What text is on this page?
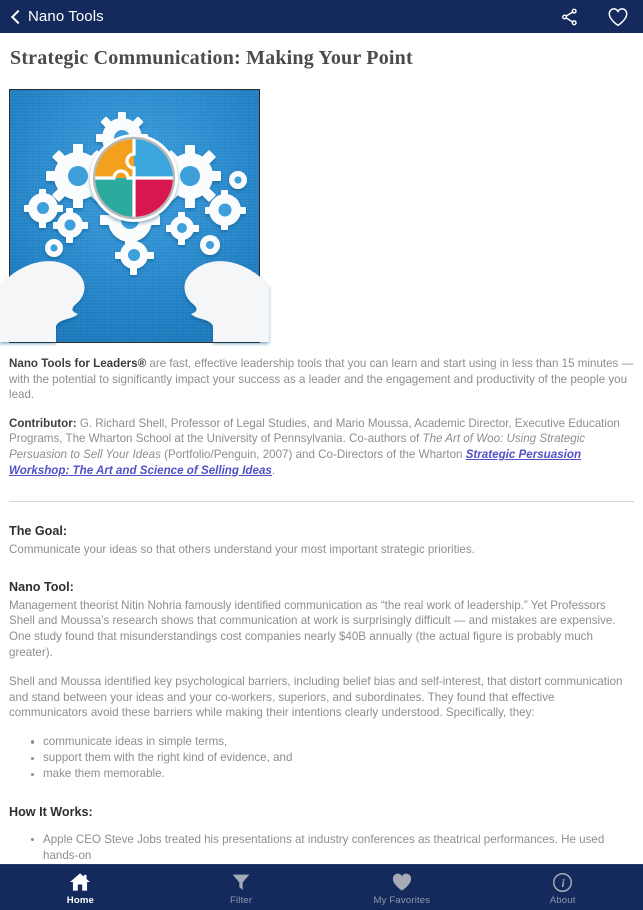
Nano Tools
Strategic Communication: Making Your Point

Nano Tools for Leaders® are fast, effective leadership tools that you can learn and start using in less than 15 minutes — with the potential to significantly impact your success as a leader and the engagement and productivity of the people you lead.

Contributor: G. Richard Shell, Professor of Legal Studies, and Mario Moussa, Academic Director, Executive Education Programs, The Wharton School at the University of Pennsylvania. Co-authors of The Art of Woo: Using Strategic Persuasion to Sell Your Ideas (Portfolio/Penguin, 2007) and Co-Directors of the Wharton Strategic Persuasion Workshop: The Art and Science of Selling Ideas.

The Goal:

Communicate your ideas so that others understand your most important strategic priorities.

Nano Tool:

Management theorist Nitin Nohria famously identified communication as “the real work of leadership.” Yet Professors Shell and Moussa’s research shows that communication at work is surprisingly difficult — and mistakes are expensive. One study found that misunderstandings cost companies nearly $40B annually (the actual figure is probably much greater).

Shell and Moussa identified key psychological barriers, including belief bias and self-interest, that distort communication and stand between your ideas and your co-workers, superiors, and subordinates. They found that effective communicators avoid these barriers while making their intentions clearly understood. Specifically, they:

communicate ideas in simple terms,
support them with the right kind of evidence, and
make them memorable.
How It Works:
Apple CEO Steve Jobs treated his presentations at industry conferences as theatrical performances. He used hands-on
Home	Filter	My Favorites
i
About
